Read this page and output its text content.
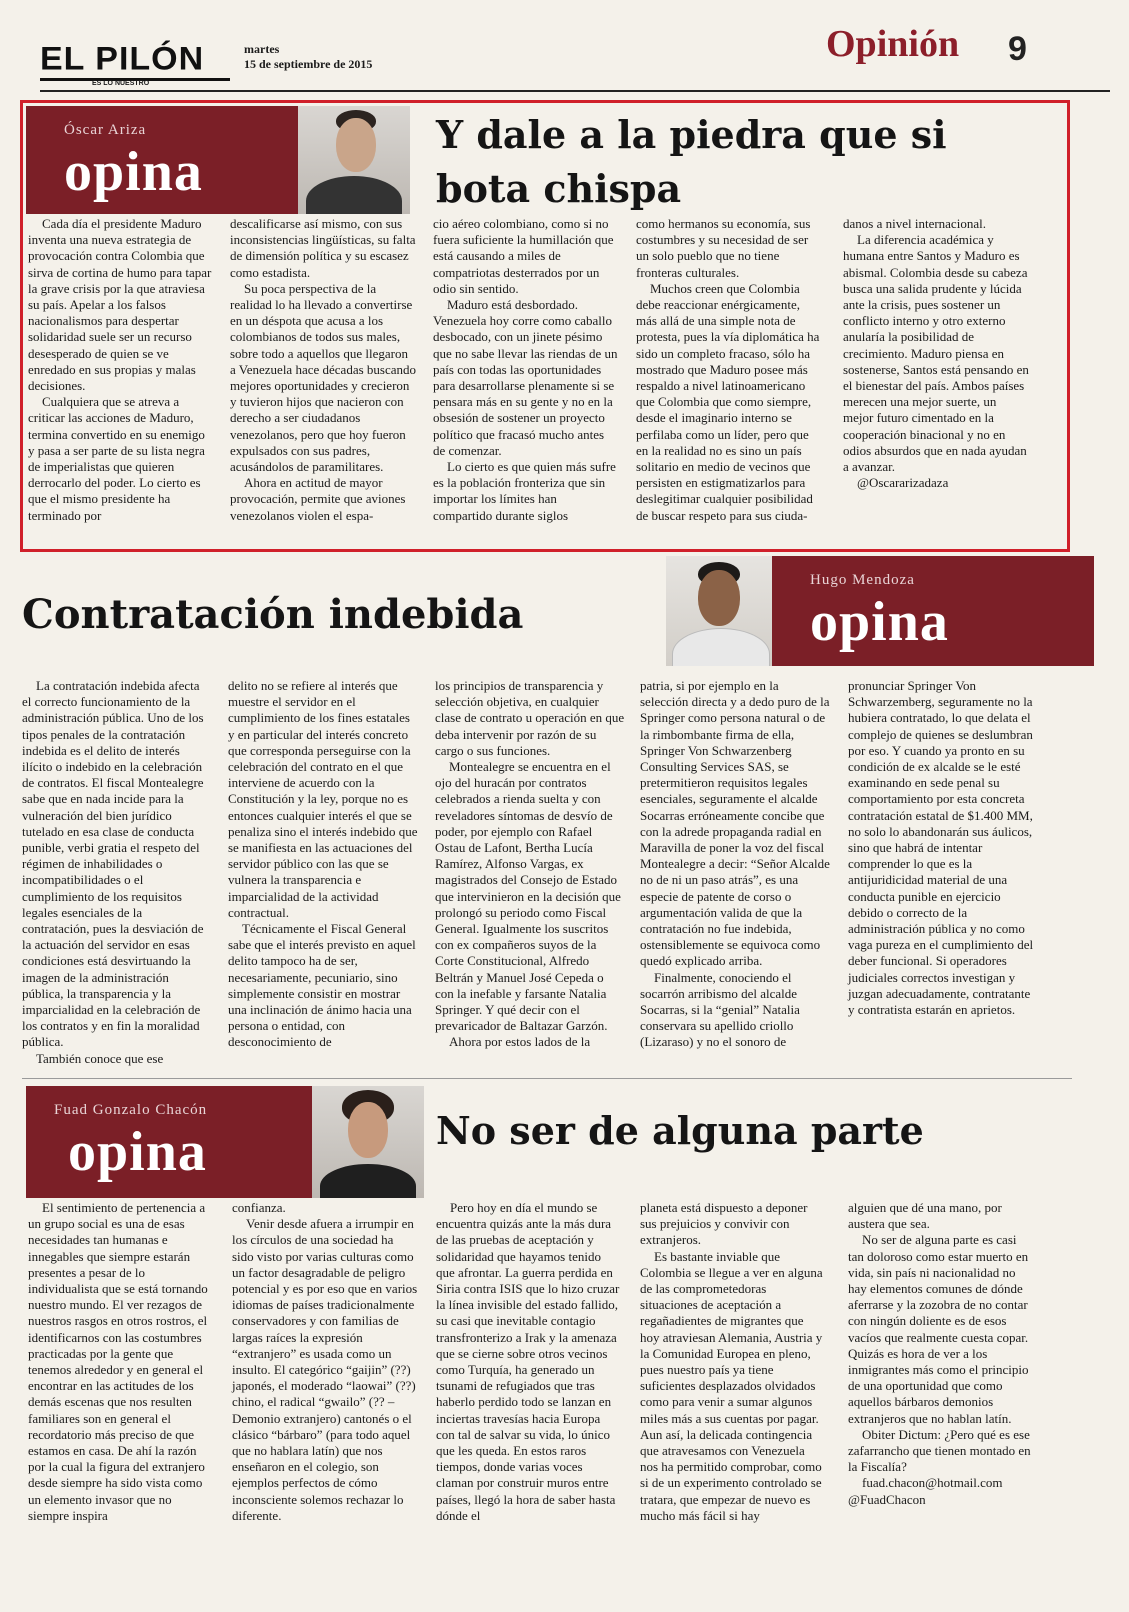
EL PILÓN
ES LO NUESTRO
martes
15 de septiembre de 2015	Opinión 9
Óscar Ariza
opina
Y dale a la piedra que si bota chispa

Cada día el presidente Maduro inventa una nueva estrategia de provocación contra Colombia que sirva de cortina de humo para tapar la grave crisis por la que atraviesa su país. Apelar a los falsos nacionalismos para despertar solidaridad suele ser un recurso desesperado de quien se ve enredado en sus propias y malas decisiones.

Cualquiera que se atreva a criticar las acciones de Maduro, termina convertido en su enemigo y pasa a ser parte de su lista negra de imperialistas que quieren derrocarlo del poder. Lo cierto es que el mismo presidente ha terminado por

descalificarse así mismo, con sus inconsistencias lingüísticas, su falta de dimensión política y su escasez como estadista.

Su poca perspectiva de la realidad lo ha llevado a convertirse en un déspota que acusa a los colombianos de todos sus males, sobre todo a aquellos que llegaron a Venezuela hace décadas buscando mejores oportunidades y crecieron y tuvieron hijos que nacieron con derecho a ser ciudadanos venezolanos, pero que hoy fueron expulsados con sus padres, acusándolos de paramilitares.

Ahora en actitud de mayor provocación, permite que aviones venezolanos violen el espa-

cio aéreo colombiano, como si no fuera suficiente la humillación que está causando a miles de compatriotas desterrados por un odio sin sentido.

Maduro está desbordado. Venezuela hoy corre como caballo desbocado, con un jinete pésimo que no sabe llevar las riendas de un país con todas las oportunidades para desarrollarse plenamente si se pensara más en su gente y no en la obsesión de sostener un proyecto político que fracasó mucho antes de comenzar.

Lo cierto es que quien más sufre es la población fronteriza que sin importar los límites han compartido durante siglos

como hermanos su economía, sus costumbres y su necesidad de ser un solo pueblo que no tiene fronteras culturales.

Muchos creen que Colombia debe reaccionar enérgicamente, más allá de una simple nota de protesta, pues la vía diplomática ha sido un completo fracaso, sólo ha mostrado que Maduro posee más respaldo a nivel latinoamericano que Colombia que como siempre, desde el imaginario interno se perfilaba como un líder, pero que en la realidad no es sino un país solitario en medio de vecinos que persisten en estigmatizarlos para deslegitimar cualquier posibilidad de buscar respeto para sus ciuda-

danos a nivel internacional.

La diferencia académica y humana entre Santos y Maduro es abismal. Colombia desde su cabeza busca una salida prudente y lúcida ante la crisis, pues sostener un conflicto interno y otro externo anularía la posibilidad de crecimiento. Maduro piensa en sostenerse, Santos está pensando en el bienestar del país. Ambos países merecen una mejor suerte, un mejor futuro cimentado en la cooperación binacional y no en odios absurdos que en nada ayudan a avanzar.

@Oscararizadaza

Contratación indebida
Hugo Mendoza
opina

La contratación indebida afecta el correcto funcionamiento de la administración pública. Uno de los tipos penales de la contratación indebida es el delito de interés ilícito o indebido en la celebración de contratos. El fiscal Montealegre sabe que en nada incide para la vulneración del bien jurídico tutelado en esa clase de conducta punible, verbi gratia el respeto del régimen de inhabilidades o incompatibilidades o el cumplimiento de los requisitos legales esenciales de la contratación, pues la desviación de la actuación del servidor en esas condiciones está desvirtuando la imagen de la administración pública, la transparencia y la imparcialidad en la celebración de los contratos y en fin la moralidad pública.

También conoce que ese

delito no se refiere al interés que muestre el servidor en el cumplimiento de los fines estatales y en particular del interés concreto que corresponda perseguirse con la celebración del contrato en el que interviene de acuerdo con la Constitución y la ley, porque no es entonces cualquier interés el que se penaliza sino el interés indebido que se manifiesta en las actuaciones del servidor público con las que se vulnera la transparencia e imparcialidad de la actividad contractual.

Técnicamente el Fiscal General sabe que el interés previsto en aquel delito tampoco ha de ser, necesariamente, pecuniario, sino simplemente consistir en mostrar una inclinación de ánimo hacia una persona o entidad, con desconocimiento de

los principios de transparencia y selección objetiva, en cualquier clase de contrato u operación en que deba intervenir por razón de su cargo o sus funciones.

Montealegre se encuentra en el ojo del huracán por contratos celebrados a rienda suelta y con reveladores síntomas de desvío de poder, por ejemplo con Rafael Ostau de Lafont, Bertha Lucía Ramírez, Alfonso Vargas, ex magistrados del Consejo de Estado que intervinieron en la decisión que prolongó su periodo como Fiscal General. Igualmente los suscritos con ex compañeros suyos de la Corte Constitucional, Alfredo Beltrán y Manuel José Cepeda o con la inefable y farsante Natalia Springer. Y qué decir con el prevaricador de Baltazar Garzón.

Ahora por estos lados de la

patria, si por ejemplo en la selección directa y a dedo puro de la Springer como persona natural o de la rimbombante firma de ella, Springer Von Schwarzenberg Consulting Services SAS, se pretermitieron requisitos legales esenciales, seguramente el alcalde Socarras erróneamente concibe que con la adrede propaganda radial en Maravilla de poner la voz del fiscal Montealegre a decir: “Señor Alcalde no de ni un paso atrás”, es una especie de patente de corso o argumentación valida de que la contratación no fue indebida, ostensiblemente se equivoca como quedó explicado arriba.

Finalmente, conociendo el socarrón arribismo del alcalde Socarras, si la “genial” Natalia conservara su apellido criollo (Lizaraso) y no el sonoro de

pronunciar Springer Von Schwarzemberg, seguramente no la hubiera contratado, lo que delata el complejo de quienes se deslumbran por eso. Y cuando ya pronto en su condición de ex alcalde se le esté examinando en sede penal su comportamiento por esta concreta contratación estatal de $1.400 MM, no solo lo abandonarán sus áulicos, sino que habrá de intentar comprender lo que es la antijuridicidad material de una conducta punible en ejercicio debido o correcto de la administración pública y no como vaga pureza en el cumplimiento del deber funcional. Si operadores judiciales correctos investigan y juzgan adecuadamente, contratante y contratista estarán en aprietos.

Fuad Gonzalo Chacón
opina	No ser de alguna parte

El sentimiento de pertenencia a un grupo social es una de esas necesidades tan humanas e innegables que siempre estarán presentes a pesar de lo individualista que se está tornando nuestro mundo. El ver rezagos de nuestros rasgos en otros rostros, el identificarnos con las costumbres practicadas por la gente que tenemos alrededor y en general el encontrar en las actitudes de los demás escenas que nos resulten familiares son en general el recordatorio más preciso de que estamos en casa. De ahí la razón por la cual la figura del extranjero desde siempre ha sido vista como un elemento invasor que no siempre inspira

confianza.

Venir desde afuera a irrumpir en los círculos de una sociedad ha sido visto por varias culturas como un factor desagradable de peligro potencial y es por eso que en varios idiomas de países tradicionalmente conservadores y con familias de largas raíces la expresión “extranjero” es usada como un insulto. El categórico “gaijin” (??) japonés, el moderado “laowai” (??) chino, el radical “gwailo” (?? – Demonio extranjero) cantonés o el clásico “bárbaro” (para todo aquel que no hablara latín) que nos enseñaron en el colegio, son ejemplos perfectos de cómo inconsciente solemos rechazar lo diferente.

Pero hoy en día el mundo se encuentra quizás ante la más dura de las pruebas de aceptación y solidaridad que hayamos tenido que afrontar. La guerra perdida en Siria contra ISIS que lo hizo cruzar la línea invisible del estado fallido, su casi que inevitable contagio transfronterizo a Irak y la amenaza que se cierne sobre otros vecinos como Turquía, ha generado un tsunami de refugiados que tras haberlo perdido todo se lanzan en inciertas travesías hacia Europa con tal de salvar su vida, lo único que les queda. En estos raros tiempos, donde varias voces claman por construir muros entre países, llegó la hora de saber hasta dónde el

planeta está dispuesto a deponer sus prejuicios y convivir con extranjeros.

Es bastante inviable que Colombia se llegue a ver en alguna de las comprometedoras situaciones de aceptación a regañadientes de migrantes que hoy atraviesan Alemania, Austria y la Comunidad Europea en pleno, pues nuestro país ya tiene suficientes desplazados olvidados como para venir a sumar algunos miles más a sus cuentas por pagar. Aun así, la delicada contingencia que atravesamos con Venezuela nos ha permitido comprobar, como si de un experimento controlado se tratara, que empezar de nuevo es mucho más fácil si hay

alguien que dé una mano, por austera que sea.

No ser de alguna parte es casi tan doloroso como estar muerto en vida, sin país ni nacionalidad no hay elementos comunes de dónde aferrarse y la zozobra de no contar con ningún doliente es de esos vacíos que realmente cuesta copar. Quizás es hora de ver a los inmigrantes más como el principio de una oportunidad que como aquellos bárbaros demonios extranjeros que no hablan latín.

Obiter Dictum: ¿Pero qué es ese zafarrancho que tienen montado en la Fiscalía?

fuad.chacon@hotmail.com

@FuadChacon
